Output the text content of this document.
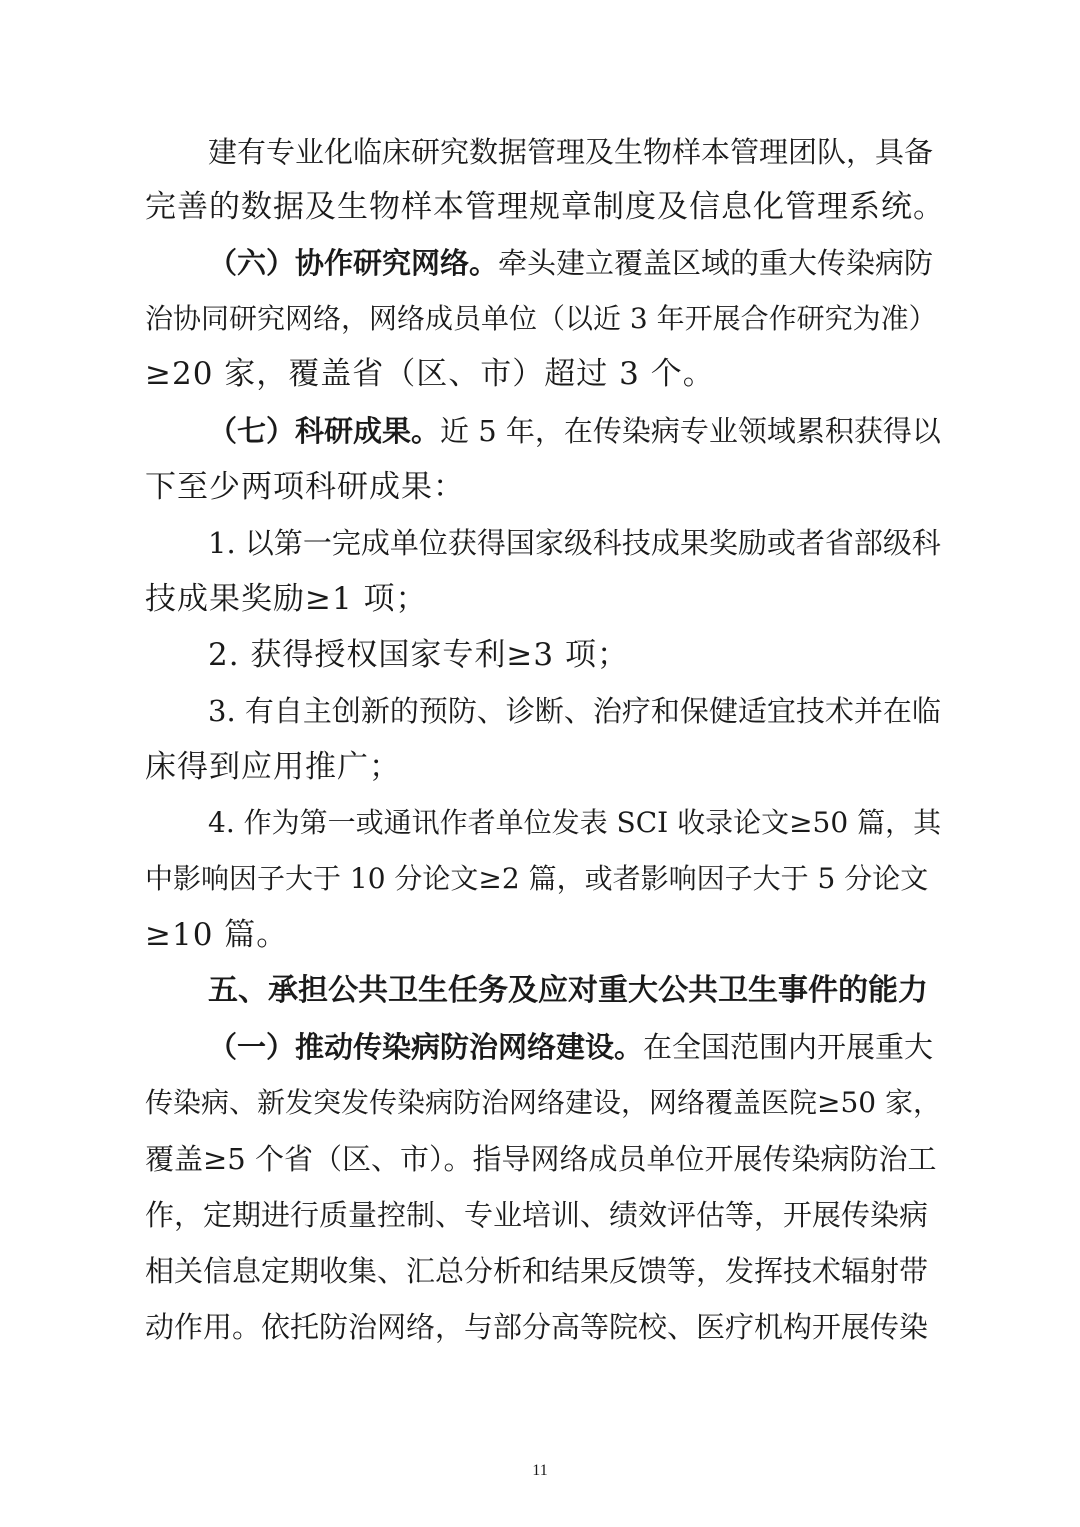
建有专业化临床研究数据管理及生物样本管理团队，具备
完善的数据及生物样本管理规章制度及信息化管理系统。
（六）协作研究网络。牵头建立覆盖区域的重大传染病防
治协同研究网络，网络成员单位（以近 3 年开展合作研究为准）
≥20 家，覆盖省（区、市）超过 3 个。
（七）科研成果。近 5 年，在传染病专业领域累积获得以
下至少两项科研成果：
1. 以第一完成单位获得国家级科技成果奖励或者省部级科
技成果奖励≥1 项；
2. 获得授权国家专利≥3 项；
3. 有自主创新的预防、诊断、治疗和保健适宜技术并在临
床得到应用推广；
4. 作为第一或通讯作者单位发表 SCI 收录论文≥50 篇，其
中影响因子大于 10 分论文≥2 篇，或者影响因子大于 5 分论文
≥10 篇。
五、承担公共卫生任务及应对重大公共卫生事件的能力
（一）推动传染病防治网络建设。在全国范围内开展重大
传染病、新发突发传染病防治网络建设，网络覆盖医院≥50 家，
覆盖≥5 个省（区、市）。指导网络成员单位开展传染病防治工
作，定期进行质量控制、专业培训、绩效评估等，开展传染病
相关信息定期收集、汇总分析和结果反馈等，发挥技术辐射带
动作用。依托防治网络，与部分高等院校、医疗机构开展传染
11
